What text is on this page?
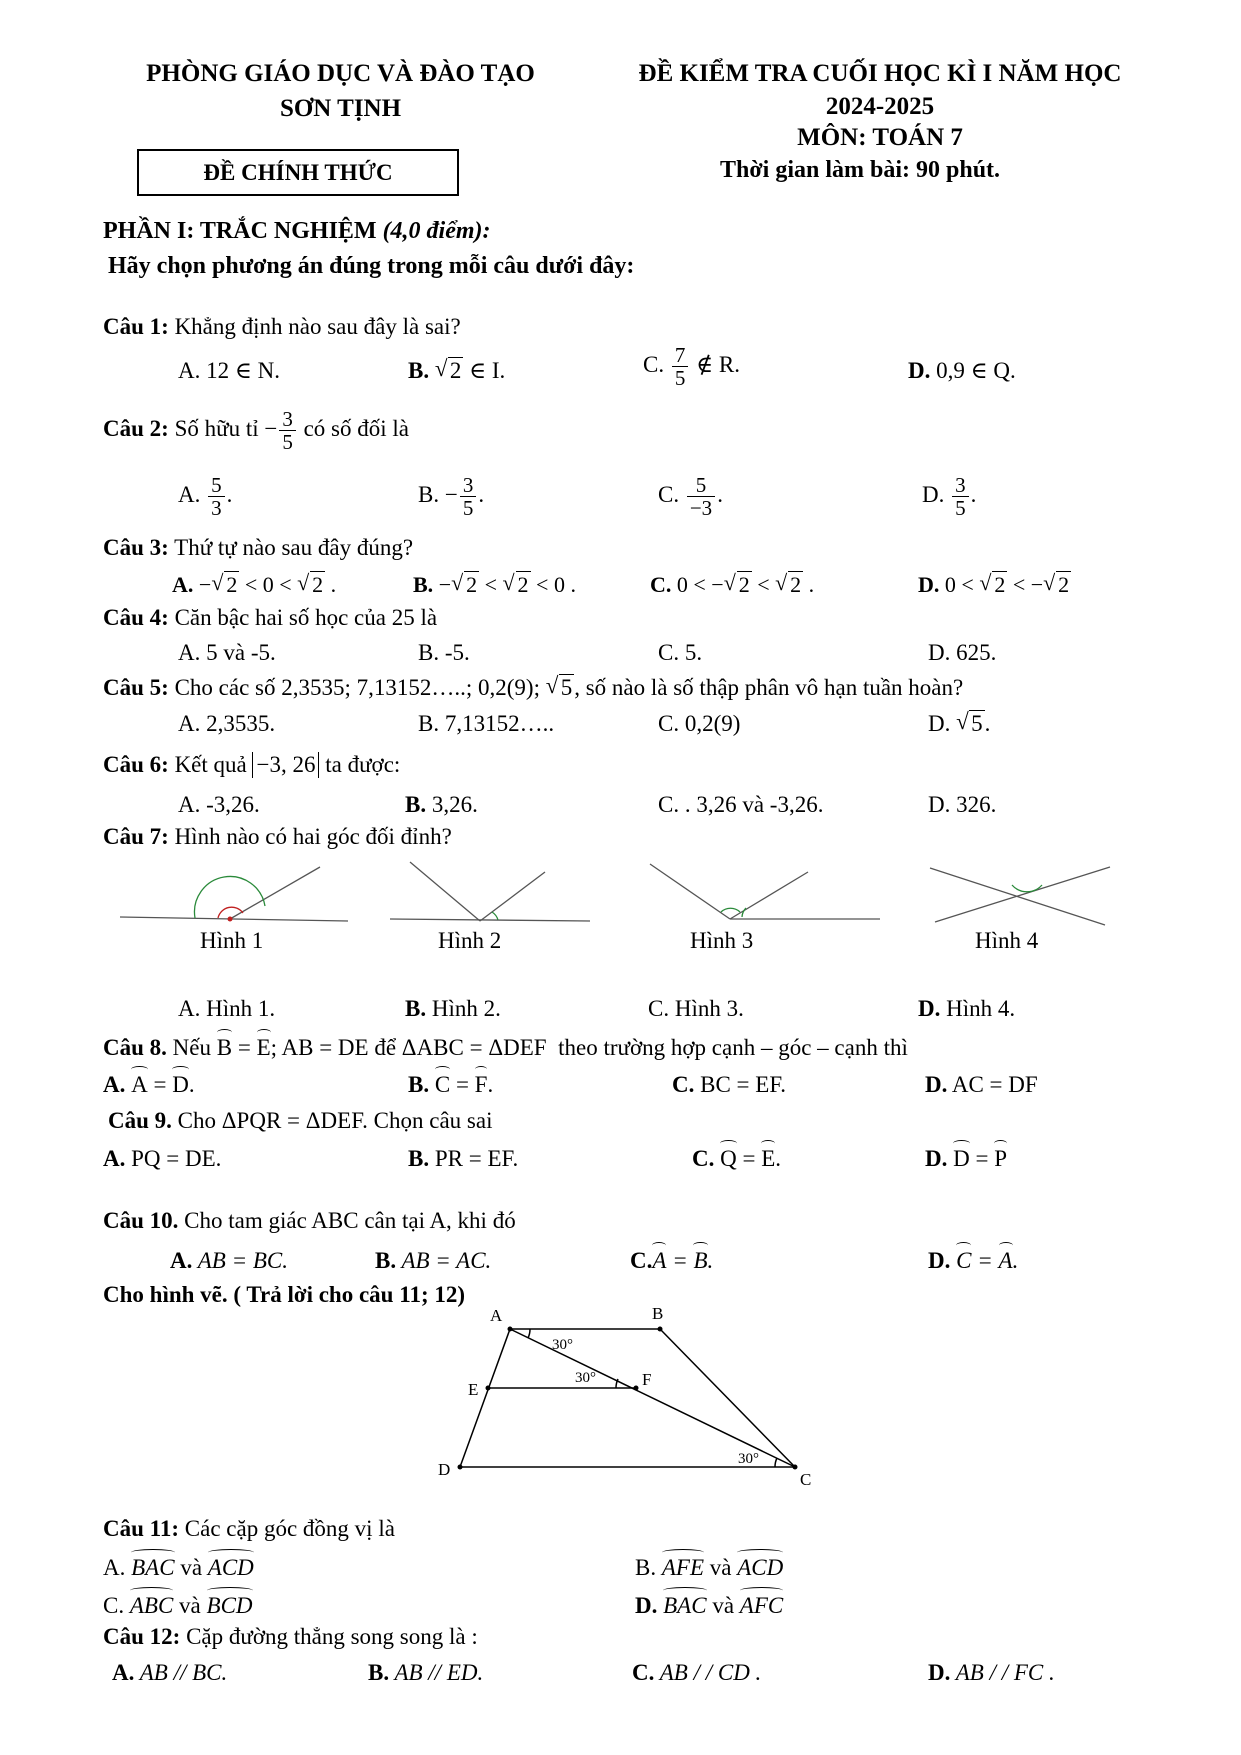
PHÒNG GIÁO DỤC VÀ ĐÀO TẠO
SƠN TỊNH
ĐỀ KIỂM TRA CUỐI HỌC KÌ I NĂM HỌC
2024-2025
MÔN: TOÁN 7
ĐỀ CHÍNH THỨC	Thời gian làm bài: 90 phút.
PHẦN I: TRẮC NGHIỆM (4,0 điểm):
Hãy chọn phương án đúng trong mỗi câu dưới đây:
Câu 1: Khẳng định nào sau đây là sai?
A. 12 ∈ N.	B. √ 2 ∈ I.	C. $\frac{7}{5}$ ∉ R.	D. 0,9 ∈ Q.
Câu 2: Số hữu tỉ − $\frac{3}{5}$ có số đối là
A. $\frac{5}{3}$ .	B. − $\frac{3}{5}$ .	C. $\frac{5}{-3}$ .	D. $\frac{3}{5}$ .
Câu 3: Thứ tự nào sau đây đúng?
A. − √ 2 < 0 < √ 2 .	B. − √ 2 < √ 2 < 0 .	C. 0 < − √ 2 < √ 2 .	D. 0 < √ 2 < − √ 2
Câu 4: Căn bậc hai số học của 25 là
A. 5 và -5.	B. -5.	C. 5.	D. 625.
Câu 5: Cho các số 2,3535; 7,13152…..; 0,2(9); √ 5, số nào là số thập phân vô hạn tuần hoàn?
A. 2,3535.	B. 7,13152…..	C. 0,2(9)	D. √ 5.
Câu 6: Kết quả −3, 26 ta được:
A. -3,26.	B. 3,26.	C. . 3,26 và -3,26.	D. 326.
Câu 7: Hình nào có hai góc đối đỉnh?
Hình 1	Hình 2	Hình 3	Hình 4
A. Hình 1.	B. Hình 2.	C. Hình 3.	D. Hình 4.
Câu 8. Nếu B = E; AB = DE để ΔABC = ΔDEF theo trường hợp cạnh – góc – cạnh thì
A. A = D.	B. C = F.	C. BC = EF.	D. AC = DF
Câu 9. Cho ΔPQR = ΔDEF. Chọn câu sai
A. PQ = DE.	B. PR = EF.	C. Q = E.	D. D = P
Câu 10. Cho tam giác ABC cân tại A, khi đó
A. AB = BC.	B. AB = AC.	C.A = B.	D. C = A.
Cho hình vẽ. ( Trả lời cho câu 11; 12)
A	B
C
D
E
F
30°
30°
30°
Câu 11: Các cặp góc đồng vị là
A. BAC và ACD	B. AFE và ACD
C. ABC và BCD	D. BAC và AFC
Câu 12: Cặp đường thẳng song song là :
A. AB // BC.	B. AB // ED.	C. AB / / CD .	D. AB / / FC .
